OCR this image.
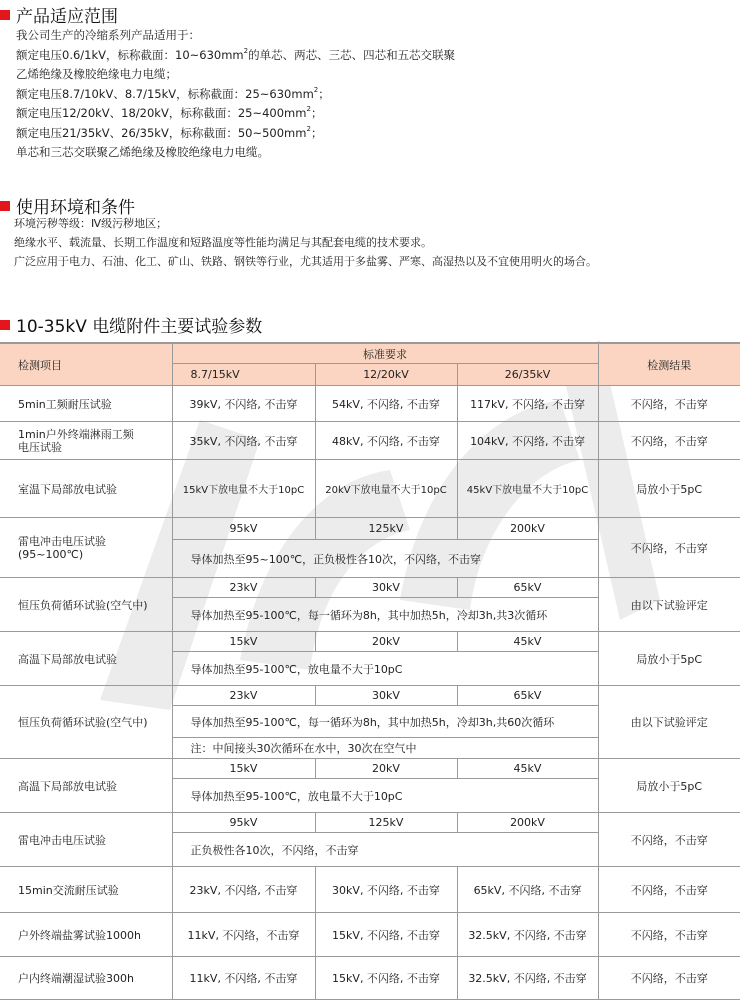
产品适应范围
我公司生产的冷缩系列产品适用于：
额定电压0.6/1kV，标称截面：$10\sim 630mm^2$的单芯、两芯、三芯、四芯和五芯交联聚
乙烯绝缘及橡胶绝缘电力电缆；
额定电压8.7/10kV、8.7/15kV，标称截面：$25\sim 630mm^2$；
额定电压12/20kV、18/20kV，标称截面：$25\sim 400mm^2$；
额定电压21/35kV、26/35kV，标称截面：$50\sim 500mm^2$；
单芯和三芯交联聚乙烯绝缘及橡胶绝缘电力电缆。
使用环境和条件
环境污秽等级：Ⅳ级污秽地区；
绝缘水平、载流量、长期工作温度和短路温度等性能均满足与其配套电缆的技术要求。
广泛应用于电力、石油、化工、矿山、铁路、钢铁等行业，尤其适用于多盐雾、严寒、高湿热以及不宜使用明火的场合。
10-35kV 电缆附件主要试验参数
检测项目	标准要求			检测结果
	8.7/15kV	12/20kV	26/35kV	
5min工频耐压试验	39kV, 不闪络, 不击穿	54kV, 不闪络, 不击穿	117kV, 不闪络, 不击穿	不闪络，不击穿
1min户外终端淋雨工频电压试验	35kV, 不闪络, 不击穿	48kV, 不闪络, 不击穿	104kV, 不闪络, 不击穿	不闪络，不击穿
室温下局部放电试验	15kV下放电量不大于10pC	20kV下放电量不大于10pC	45kV下放电量不大于10pC	局放小于5pC
雷电冲击电压试验(95~100℃)	95kV	125kV	200kV	不闪络，不击穿
	导体加热至95~100℃，正负极性各10次，不闪络，不击穿			
恒压负荷循环试验(空气中)	23kV	30kV	65kV	由以下试验评定
	导体加热至95-100℃，每一循环为8h，其中加热5h，冷却3h,共3次循环			
高温下局部放电试验	15kV	20kV	45kV	局放小于5pC
	导体加热至95-100℃，放电量不大于10pC			
恒压负荷循环试验(空气中)	23kV	30kV	65kV	由以下试验评定
	导体加热至95-100℃，每一循环为8h，其中加热5h，冷却3h,共60次循环			
	注：中间接头30次循环在水中，30次在空气中			
高温下局部放电试验	15kV	20kV	45kV	局放小于5pC
	导体加热至95-100℃，放电量不大于10pC			
雷电冲击电压试验	95kV	125kV	200kV	不闪络，不击穿
	正负极性各10次，不闪络，不击穿			
15min交流耐压试验	23kV, 不闪络, 不击穿	30kV, 不闪络, 不击穿	65kV, 不闪络, 不击穿	不闪络，不击穿
户外终端盐雾试验1000h	11kV, 不闪络，不击穿	15kV, 不闪络, 不击穿	32.5kV, 不闪络, 不击穿	不闪络，不击穿
户内终端潮湿试验300h	11kV, 不闪络, 不击穿	15kV, 不闪络, 不击穿	32.5kV, 不闪络, 不击穿	不闪络，不击穿
